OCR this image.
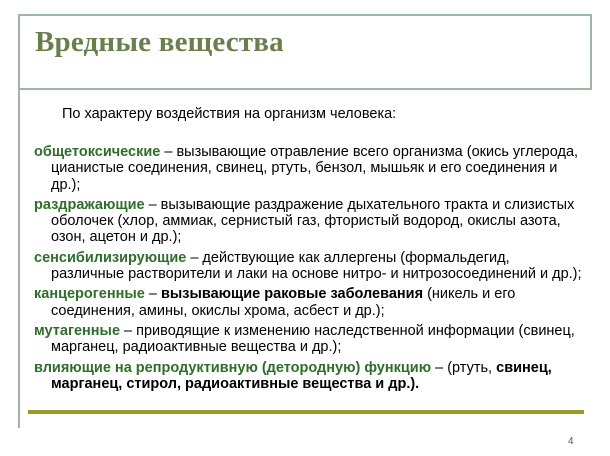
Вредные вещества
По характеру воздействия на организм человека:
общетоксические – вызывающие отравление всего организма (окись углерода, цианистые соединения, свинец, ртуть, бензол, мышьяк и его соединения и др.);
раздражающие – вызывающие раздражение дыхательного тракта и слизистых оболочек (хлор, аммиак, сернистый газ, фтористый водород, окислы азота, озон, ацетон и др.);
сенсибилизирующие – действующие как аллергены (формальдегид, различные растворители и лаки на основе нитро- и нитрозосоединений и др.);
канцерогенные – вызывающие раковые заболевания (никель и его соединения, амины, окислы хрома, асбест и др.);
мутагенные – приводящие к изменению наследственной информации (свинец, марганец, радиоактивные вещества и др.);
влияющие на репродуктивную (детородную) функцию – (ртуть, свинец, марганец, стирол, радиоактивные вещества и др.).
4
